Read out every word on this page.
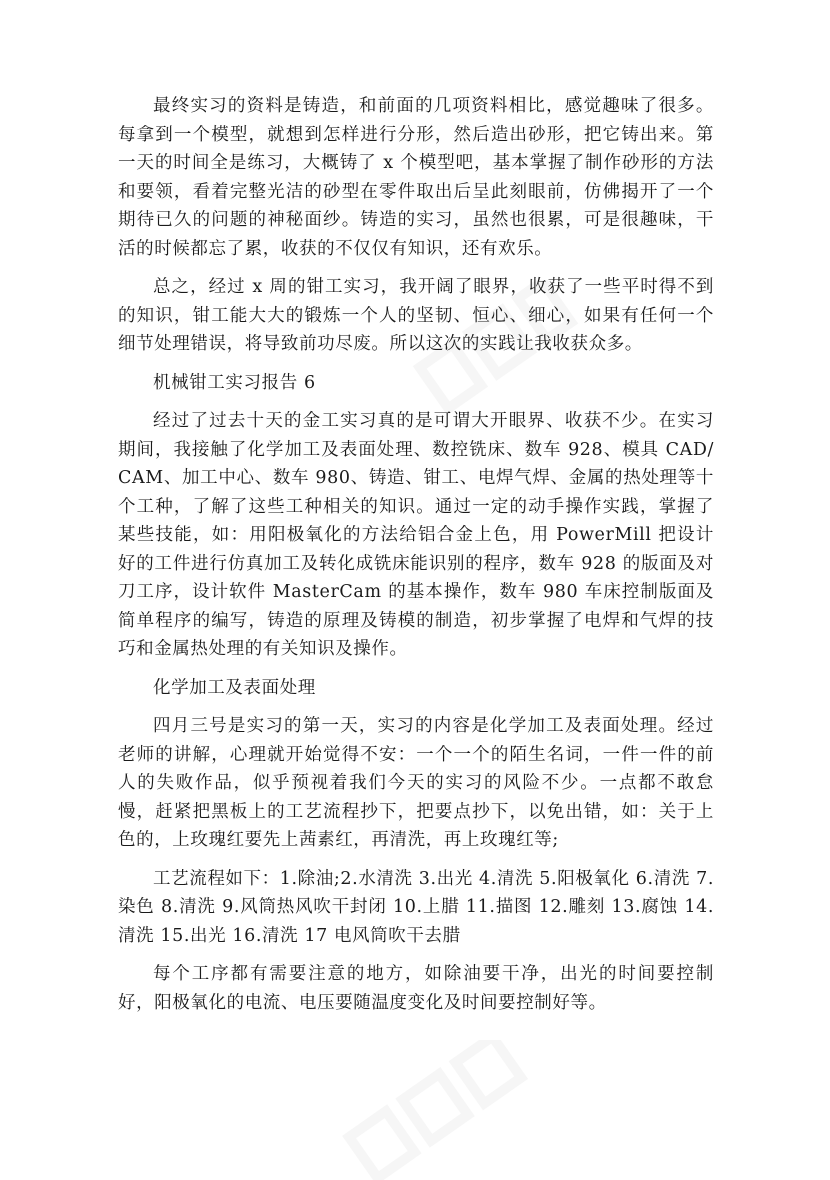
最终实习的资料是铸造，和前面的几项资料相比，感觉趣味了很多。每拿到一个模型，就想到怎样进行分形，然后造出砂形，把它铸出来。第一天的时间全是练习，大概铸了 x 个模型吧，基本掌握了制作砂形的方法和要领，看着完整光洁的砂型在零件取出后呈此刻眼前，仿佛揭开了一个期待已久的问题的神秘面纱。铸造的实习，虽然也很累，可是很趣味，干活的时候都忘了累，收获的不仅仅有知识，还有欢乐。

总之，经过 x 周的钳工实习，我开阔了眼界，收获了一些平时得不到的知识，钳工能大大的锻炼一个人的坚韧、恒心、细心，如果有任何一个细节处理错误，将导致前功尽废。所以这次的实践让我收获众多。

机械钳工实习报告 6

经过了过去十天的金工实习真的是可谓大开眼界、收获不少。在实习期间，我接触了化学加工及表面处理、数控铣床、数车 928、模具 CAD/CAM、加工中心、数车 980、铸造、钳工、电焊气焊、金属的热处理等十个工种，了解了这些工种相关的知识。通过一定的动手操作实践，掌握了某些技能，如：用阳极氧化的方法给铝合金上色，用 PowerMill 把设计好的工件进行仿真加工及转化成铣床能识别的程序，数车 928 的版面及对刀工序，设计软件 MasterCam 的基本操作，数车 980 车床控制版面及简单程序的编写，铸造的原理及铸模的制造，初步掌握了电焊和气焊的技巧和金属热处理的有关知识及操作。

化学加工及表面处理

四月三号是实习的第一天，实习的内容是化学加工及表面处理。经过老师的讲解，心理就开始觉得不安：一个一个的陌生名词，一件一件的前人的失败作品，似乎预视着我们今天的实习的风险不少。一点都不敢怠慢，赶紧把黑板上的工艺流程抄下，把要点抄下，以免出错，如：关于上色的，上玫瑰红要先上茜素红，再清洗，再上玫瑰红等;

工艺流程如下：1.除油;2.水清洗 3.出光 4.清洗 5.阳极氧化 6.清洗 7.染色 8.清洗 9.风筒热风吹干封闭 10.上腊 11.描图 12.雕刻 13.腐蚀 14.清洗 15.出光 16.清洗 17 电风筒吹干去腊

每个工序都有需要注意的地方，如除油要干净，出光的时间要控制好，阳极氧化的电流、电压要随温度变化及时间要控制好等。
